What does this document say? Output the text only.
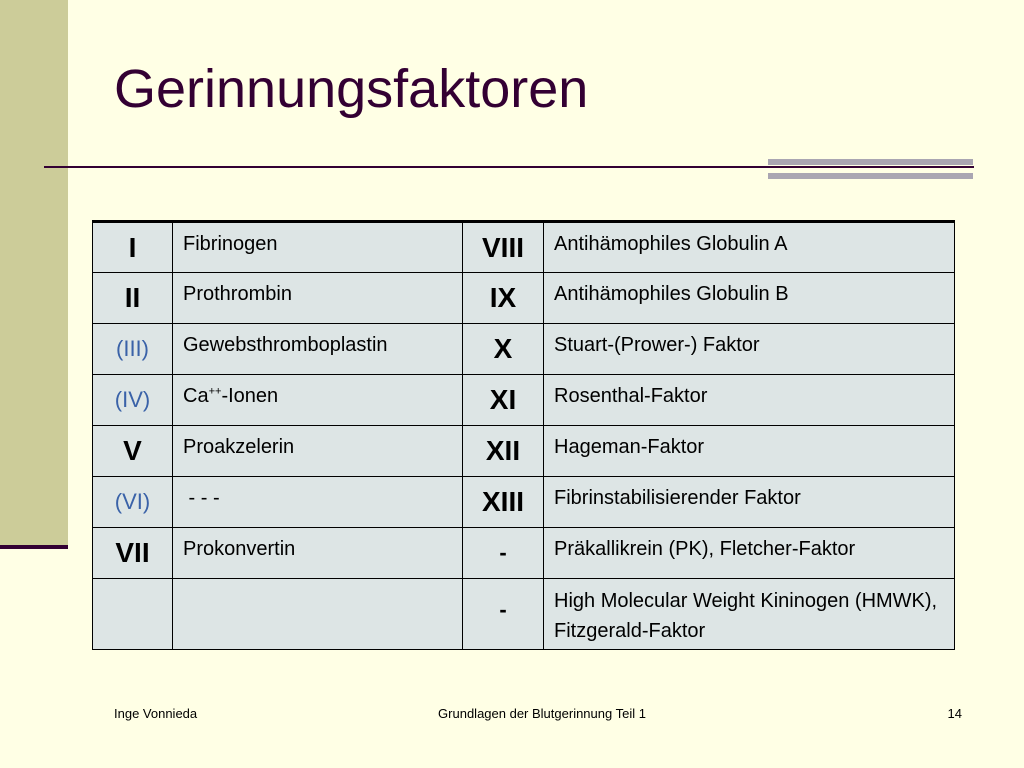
Gerinnungsfaktoren
I	Fibrinogen	VIII	Antihämophiles Globulin A
II	Prothrombin	IX	Antihämophiles Globulin B
(III)	Gewebsthromboplastin	X	Stuart-(Prower-) Faktor
(IV)	Ca++-Ionen	XI	Rosenthal-Faktor
V	Proakzelerin	XII	Hageman-Faktor
(VI)	- - -	XIII	Fibrinstabilisierender Faktor
VII	Prokonvertin	-	Präkallikrein (PK), Fletcher-Faktor
		-	High Molecular Weight Kininogen (HMWK), Fitzgerald-Faktor
Inge Vonnieda	Grundlagen der Blutgerinnung Teil 1	14
